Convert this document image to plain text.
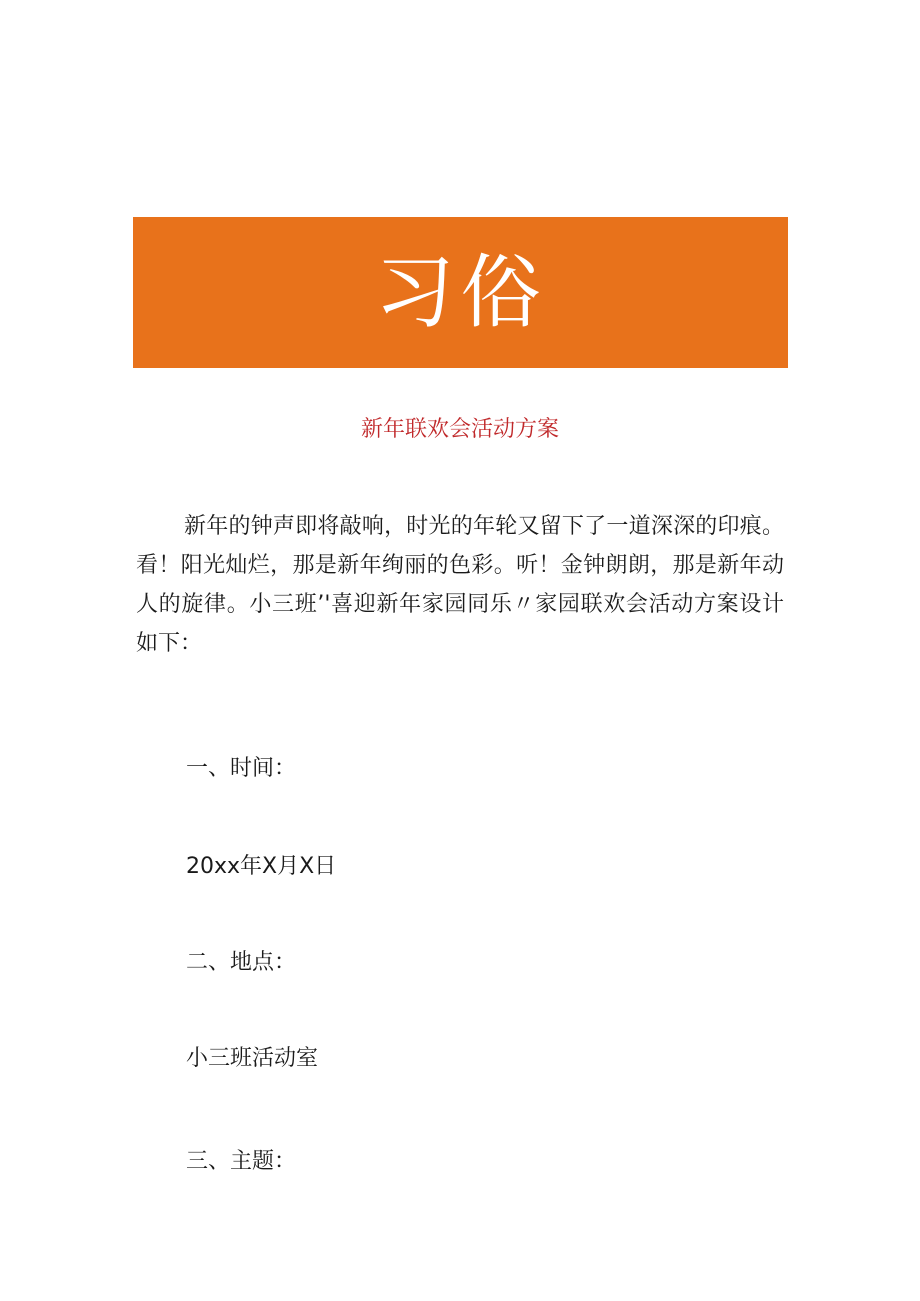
习俗
新年联欢会活动方案

新年的钟声即将敲响，时光的年轮又留下了一道深深的印痕。看！阳光灿烂，那是新年绚丽的色彩。听！金钟朗朗，那是新年动人的旋律。小三班’'喜迎新年家园同乐〃家园联欢会活动方案设计如下：

一、时间：

20xx年X月X日

二、地点：

小三班活动室

三、主题：
